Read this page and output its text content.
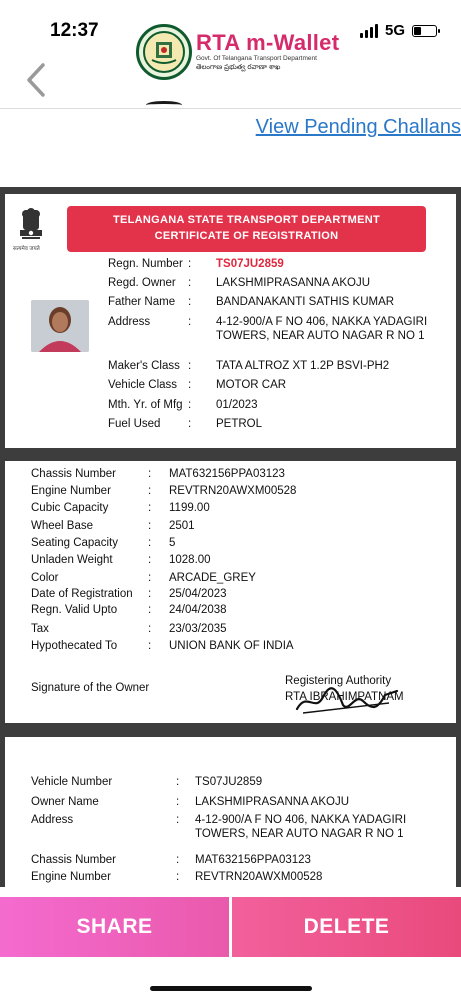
12:37	5G
RTA m-Wallet
Govt. Of Telangana Transport Department
తెలంగాణ ప్రభుత్వ రవాణా శాఖ
View Pending Challans
सत्यमेव जयते
TELANGANA STATE TRANSPORT DEPARTMENT
CERTIFICATE OF REGISTRATION
Regn. Number : TS07JU2859
Regd. Owner : LAKSHMIPRASANNA AKOJU
Father Name : BANDANAKANTI SATHIS KUMAR
Address	: 4-12-900/A F NO 406, NAKKA YADAGIRI
TOWERS, NEAR AUTO NAGAR R NO 1
Maker's Class : TATA ALTROZ XT 1.2P BSVI-PH2
Vehicle Class : MOTOR CAR
Mth. Yr. of Mfg : 01/2023
Fuel Used : PETROL
Chassis Number	: MAT632156PPA03123
Engine Number	: REVTRN20AWXM00528
Cubic Capacity	: 1199.00
Wheel Base	: 2501
Seating Capacity	: 5
Unladen Weight	: 1028.00
Color	: ARCADE_GREY
Date of Registration : 25/04/2023
Regn. Valid Upto	: 24/04/2038
Tax	: 23/03/2035
Hypothecated To	: UNION BANK OF INDIA
Signature of the Owner
Registering Authority
RTA IBRAHIMPATNAM
Vehicle Number	: TS07JU2859
Owner Name	: LAKSHMIPRASANNA AKOJU
Address	: 4-12-900/A F NO 406, NAKKA YADAGIRI
TOWERS, NEAR AUTO NAGAR R NO 1
Chassis Number	: MAT632156PPA03123
Engine Number	: REVTRN20AWXM00528
SHARE	DELETE
